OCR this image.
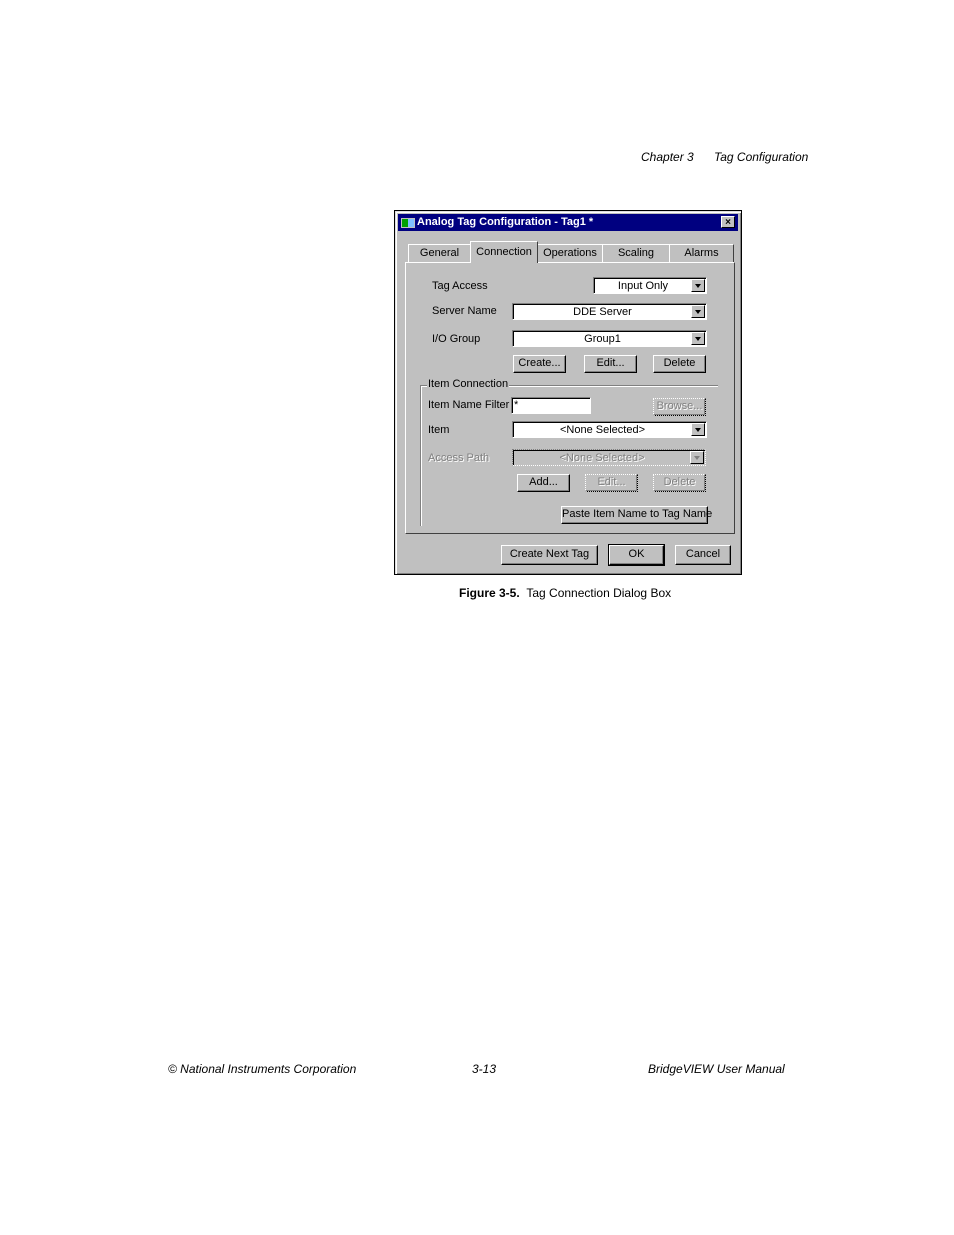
Chapter 3 Tag Configuration
Analog Tag Configuration - Tag1 *	×
General	Connection	Operations	Scaling	Alarms
Tag Access	Input Only
Server Name	DDE Server
I/O Group	Group1
Create...	Edit...	Delete
Item Connection
Item Name Filter *	Browse...
Item	<None Selected>
Access Path	<None Selected>
Add...	Edit...	Delete
Paste Item Name to Tag Name
Create Next Tag	OK	Cancel
Figure 3-5. Tag Connection Dialog Box
© National Instruments Corporation	3-13	BridgeVIEW User Manual
